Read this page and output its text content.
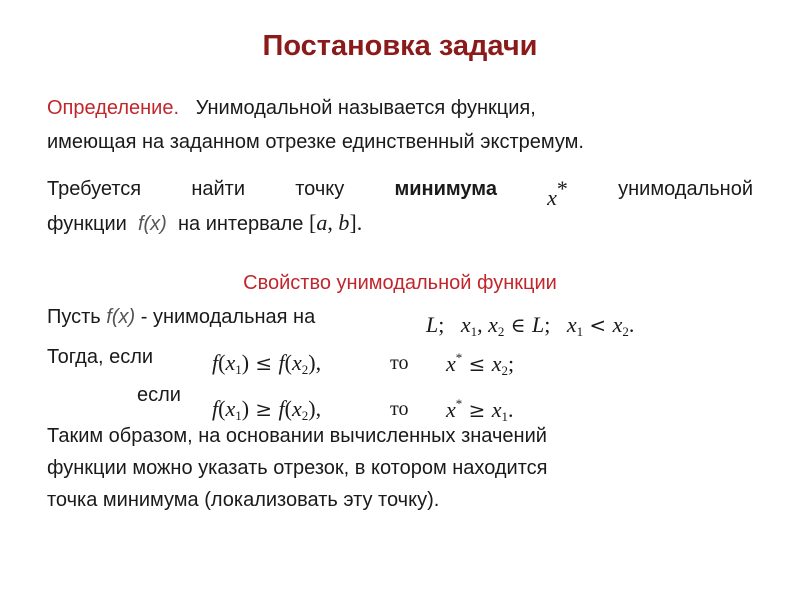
Постановка задачи
Определение. Унимодальной называется функция,
имеющая на заданном отрезке единственный экстремум.
Требуется	найти	точку	минимума x*	унимодальной
функции f(x) на интервале [a, b].
Свойство унимодальной функции
Пусть f(x) - унимодальная на	L; $x_1$, $x_2$ ∈ L; $x_1 < x_2$.
Тогда, если	$f(x_1) \le f(x_2)$,	то $x^* \le x_2$;
если
$f(x_1) \ge f(x_2)$,	то $x^* \ge x_1$.
Таким образом, на основании вычисленных значений
функции можно указать отрезок, в котором находится
точка минимума (локализовать эту точку).
